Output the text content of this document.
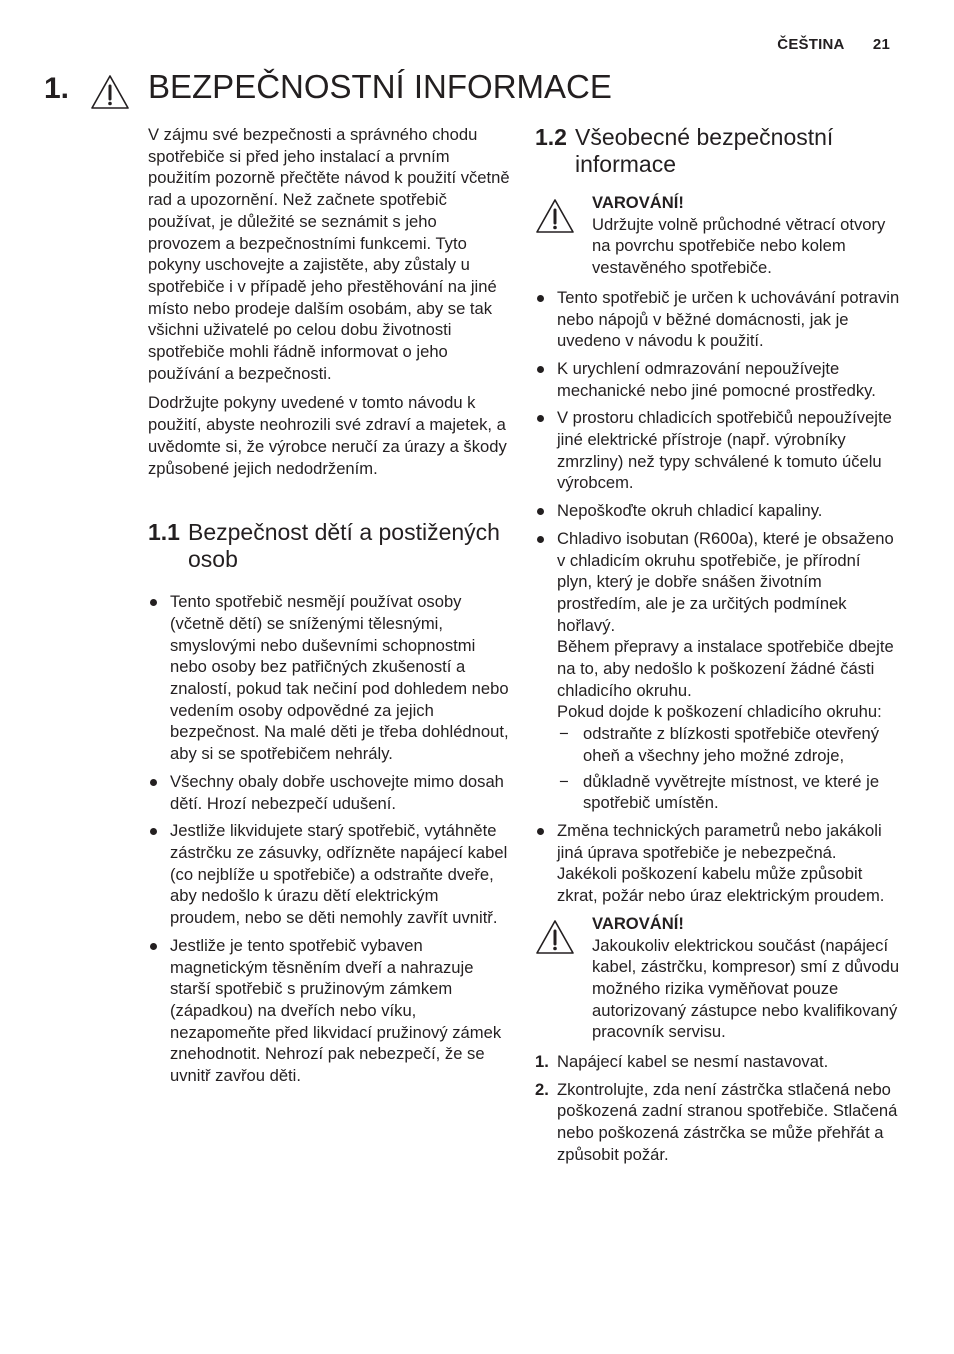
ČEŠTINA 21
1. BEZPEČNOSTNÍ INFORMACE

V zájmu své bezpečnosti a správného chodu spotřebiče si před jeho instalací a prvním použitím pozorně přečtěte návod k použití včetně rad a upozornění. Než začnete spotřebič používat, je důležité se seznámit s jeho provozem a bezpečnostními funkcemi. Tyto pokyny uschovejte a zajistěte, aby zůstaly u spotřebiče i v případě jeho přestěhování na jiné místo nebo prodeje dalším osobám, aby se tak všichni uživatelé po celou dobu životnosti spotřebiče mohli řádně informovat o jeho používání a bezpečnosti.

Dodržujte pokyny uvedené v tomto návodu k použití, abyste neohrozili své zdraví a majetek, a uvědomte si, že výrobce neručí za úrazy a škody způsobené jejich nedodržením.

1.1 Bezpečnost dětí a postižených osob
Tento spotřebič nesmějí používat osoby (včetně dětí) se sníženými tělesnými, smyslovými nebo duševními schopnostmi nebo osoby bez patřičných zkušeností a znalostí, pokud tak nečiní pod dohledem nebo vedením osoby odpovědné za jejich bezpečnost. Na malé děti je třeba dohlédnout, aby si se spotřebičem nehrály.
Všechny obaly dobře uschovejte mimo dosah dětí. Hrozí nebezpečí udušení.
Jestliže likvidujete starý spotřebič, vytáhněte zástrčku ze zásuvky, odřízněte napájecí kabel (co nejblíže u spotřebiče) a odstraňte dveře, aby nedošlo k úrazu dětí elektrickým proudem, nebo se děti nemohly zavřít uvnitř.
Jestliže je tento spotřebič vybaven magnetickým těsněním dveří a nahrazuje starší spotřebič s pružinovým zámkem (západkou) na dveřích nebo víku, nezapomeňte před likvidací pružinový zámek znehodnotit. Nehrozí pak nebezpečí, že se uvnitř zavřou děti.
1.2 Všeobecné bezpečnostní informace
VAROVÁNÍ!
Udržujte volně průchodné větrací otvory na povrchu spotřebiče nebo kolem vestavěného spotřebiče.
Tento spotřebič je určen k uchovávání potravin nebo nápojů v běžné domácnosti, jak je uvedeno v návodu k použití.
K urychlení odmrazování nepoužívejte mechanické nebo jiné pomocné prostředky.
V prostoru chladicích spotřebičů nepoužívejte jiné elektrické přístroje (např. výrobníky zmrzliny) než typy schválené k tomuto účelu výrobcem.
Nepoškoďte okruh chladicí kapaliny.
Chladivo isobutan (R600a), které je obsaženo v chladicím okruhu spotřebiče, je přírodní plyn, který je dobře snášen životním prostředím, ale je za určitých podmínek hořlavý.
Během přepravy a instalace spotřebiče dbejte na to, aby nedošlo k poškození žádné části chladicího okruhu.
Pokud dojde k poškození chladicího okruhu:
− odstraňte z blízkosti spotřebiče otevřený oheň a všechny jeho možné zdroje,
− důkladně vyvětrejte místnost, ve které je spotřebič umístěn.
Změna technických parametrů nebo jakákoli jiná úprava spotřebiče je nebezpečná. Jakékoli poškození kabelu může způsobit zkrat, požár nebo úraz elektrickým proudem.
VAROVÁNÍ!
Jakoukoliv elektrickou součást (napájecí kabel, zástrčku, kompresor) smí z důvodu možného rizika vyměňovat pouze autorizovaný zástupce nebo kvalifikovaný pracovník servisu.
1. Napájecí kabel se nesmí nastavovat.
2. Zkontrolujte, zda není zástrčka stlačená nebo poškozená zadní stranou spotřebiče. Stlačená nebo poškozená zástrčka se může přehřát a způsobit požár.
